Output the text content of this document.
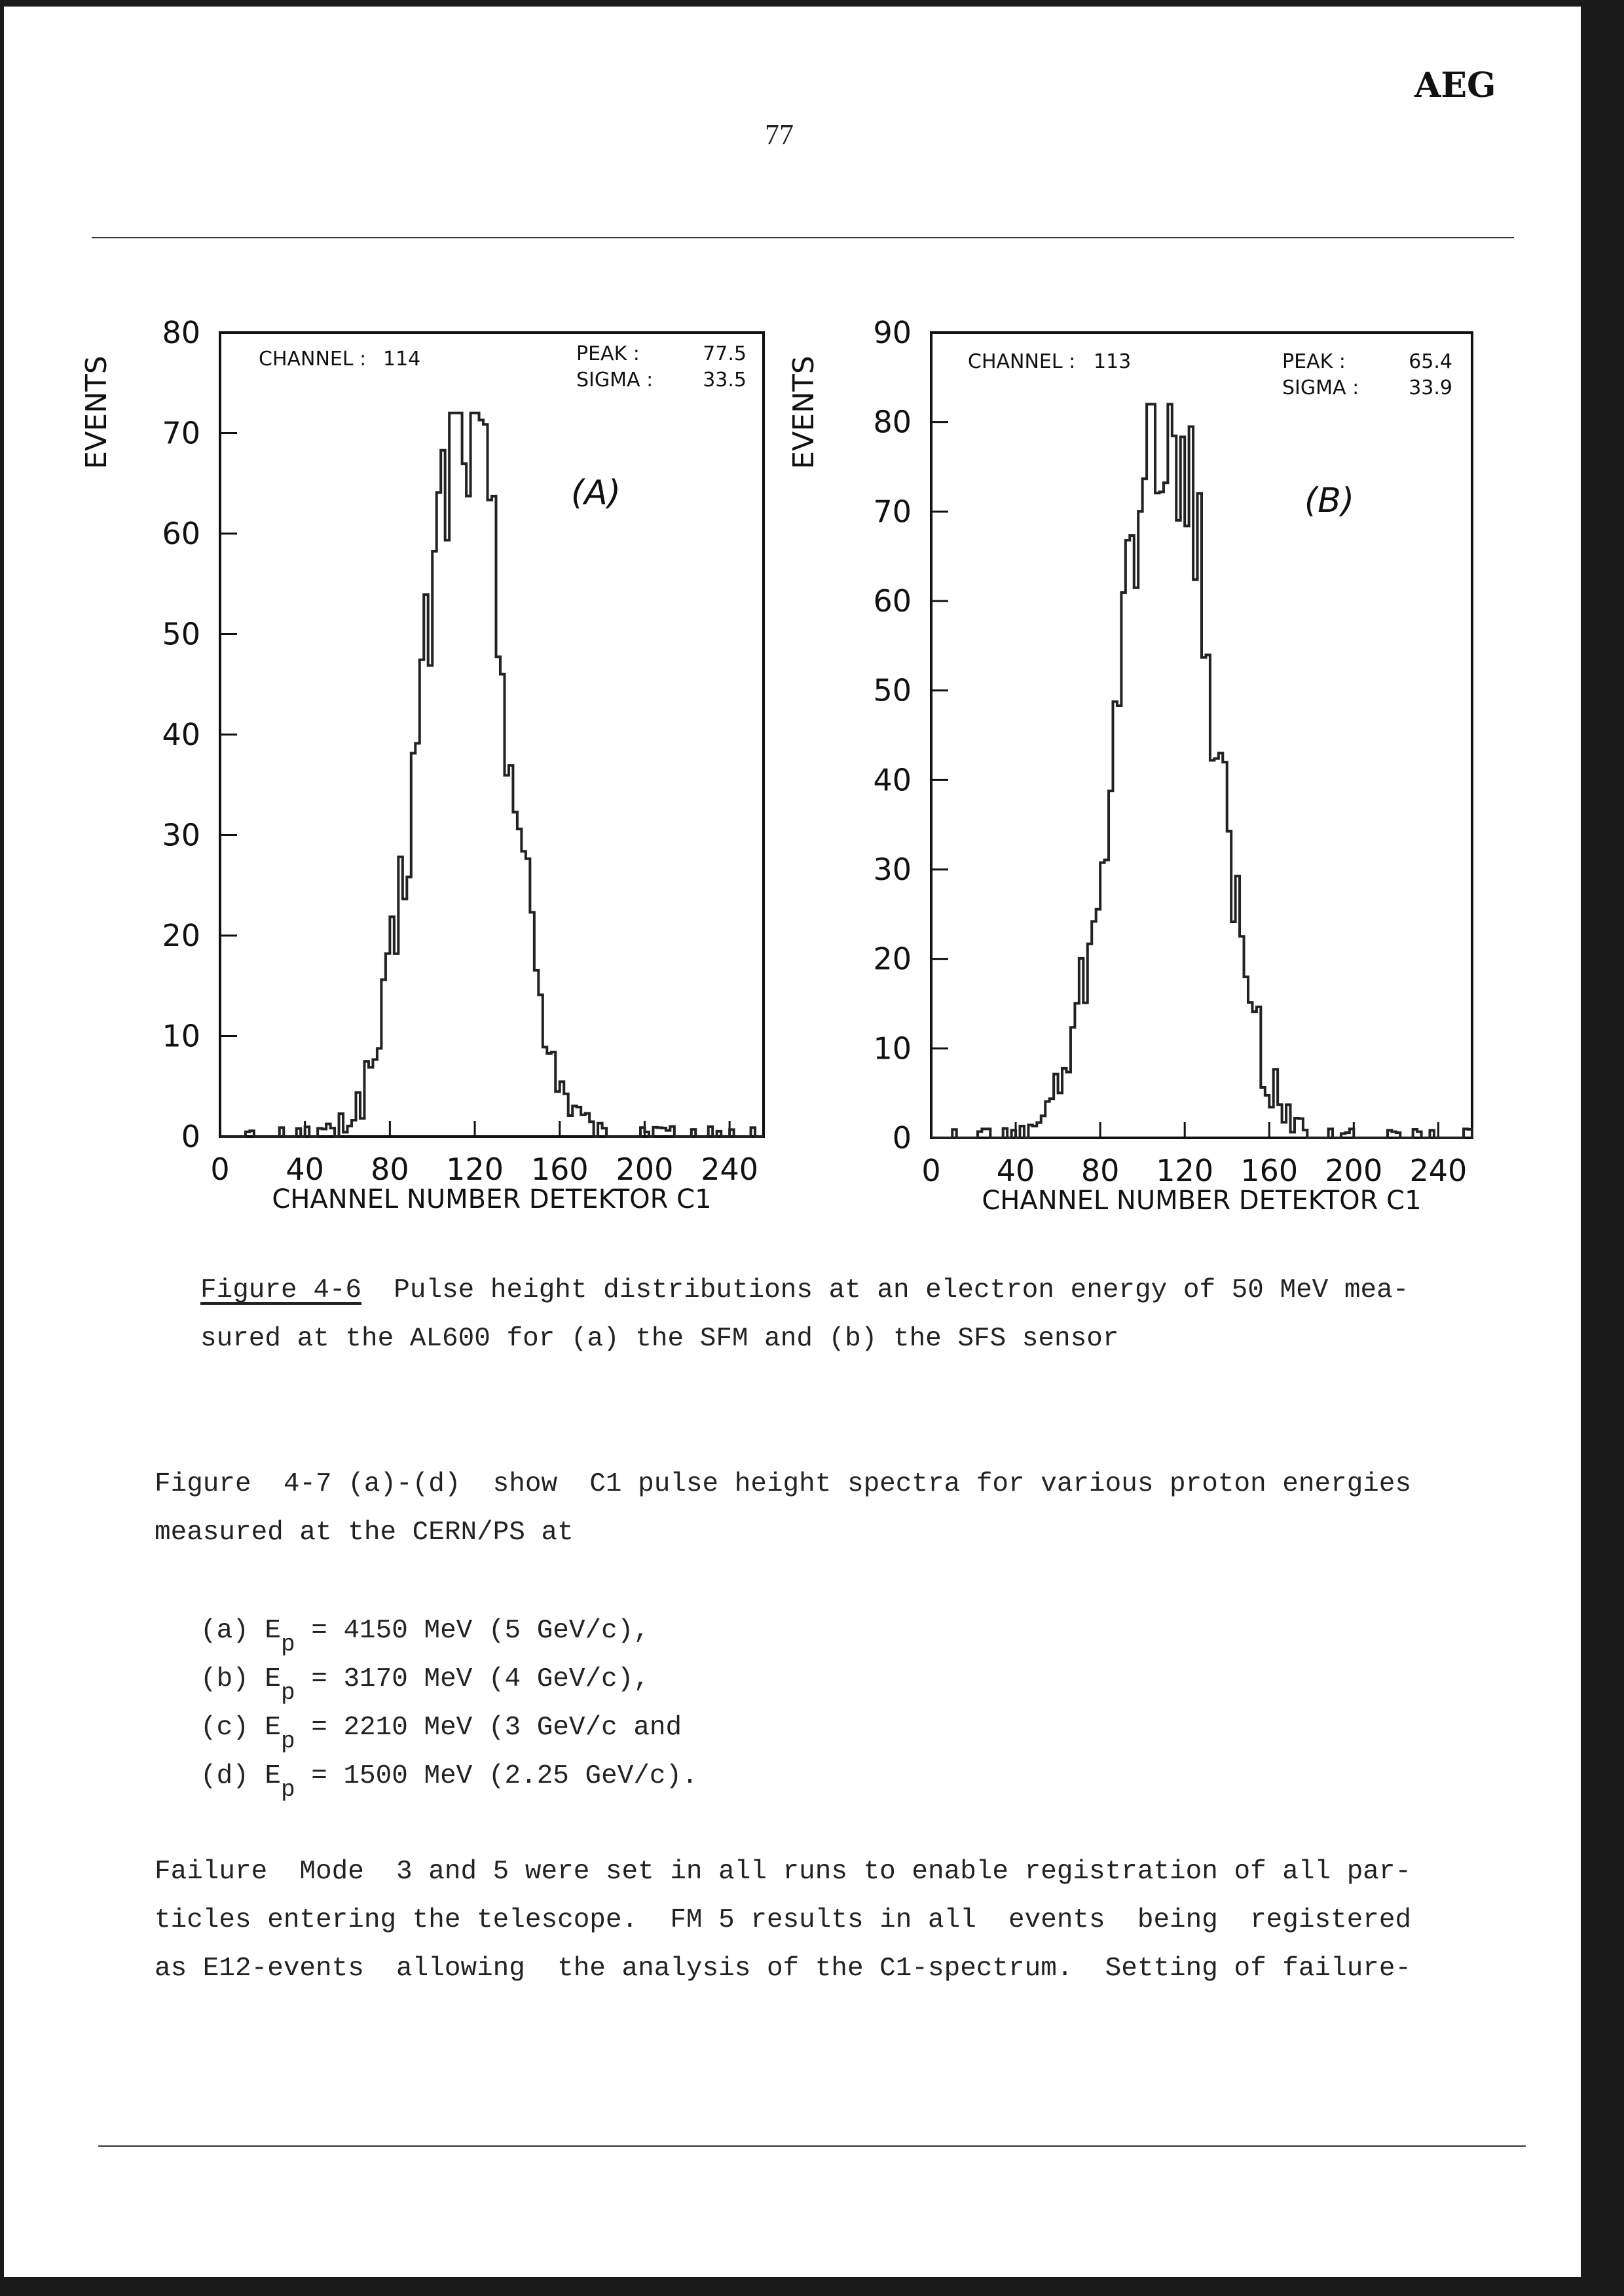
AEG
77
EVENTS
0
10
20
30
40
50
60
70
80
0 40 80 120 160 200 240
CHANNEL : 114	PEAK :	77.5
SIGMA :	33.5
(A)
CHANNEL NUMBER DETEKTOR C1
EVENTS
0
10
20
30
40
50
60
70
80
90
0 40 80 120 160 200 240
CHANNEL : 113	PEAK :	65.4
SIGMA :	33.9
(B)
CHANNEL NUMBER DETEKTOR C1
Figure 4-6  Pulse height distributions at an electron energy of 50 MeV mea-
sured at the AL600 for (a) the SFM and (b) the SFS sensor
Figure  4-7 (a)-(d)  show  C1 pulse height spectra for various proton energies
measured at the CERN/PS at
(a) Ep = 4150 MeV (5 GeV/c),
(b) Ep = 3170 MeV (4 GeV/c),
(c) Ep = 2210 MeV (3 GeV/c and
(d) Ep = 1500 MeV (2.25 GeV/c).
Failure  Mode  3 and 5 were set in all runs to enable registration of all par-
ticles entering the telescope.  FM 5 results in all  events  being  registered
as E12-events  allowing  the analysis of the C1-spectrum.  Setting of failure-
